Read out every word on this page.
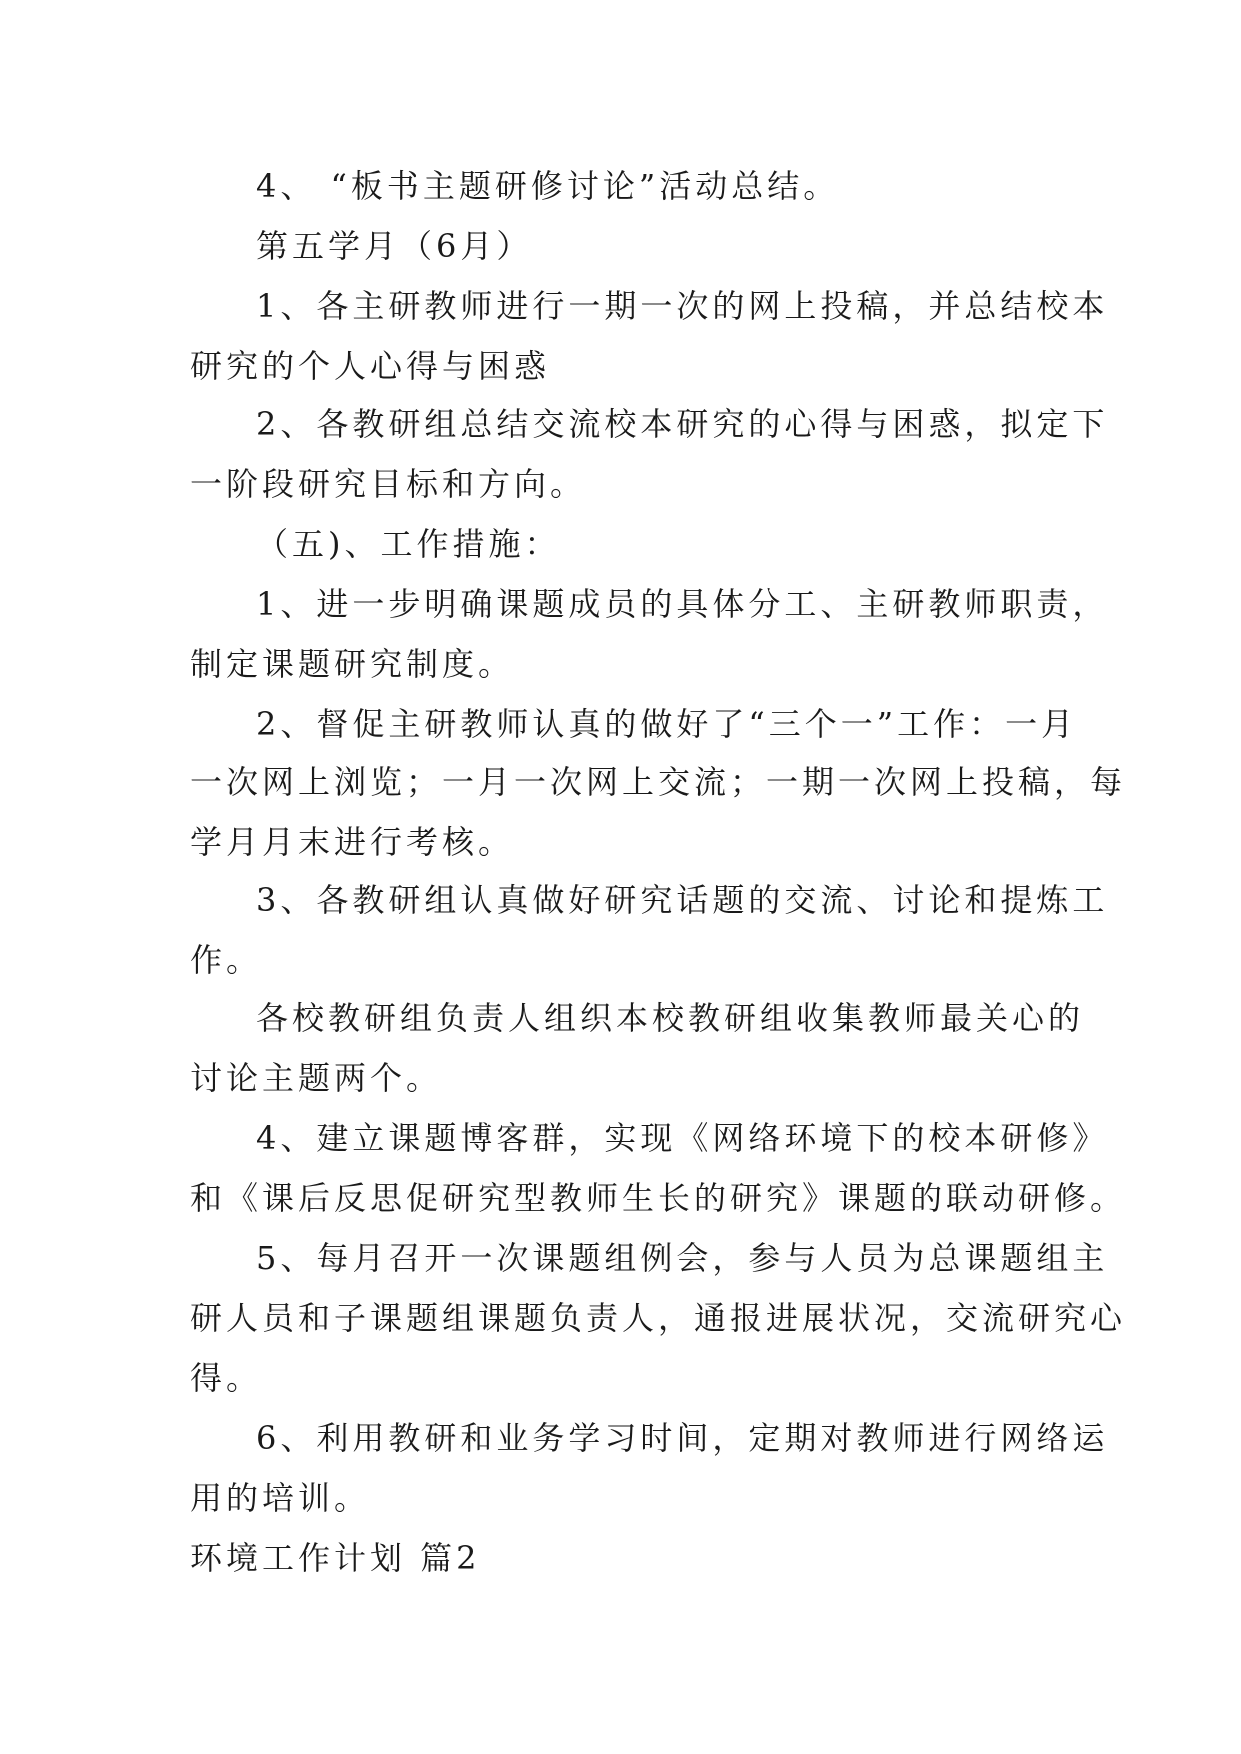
4、 “板书主题研修讨论”活动总结。
第五学月（6月）
1、各主研教师进行一期一次的网上投稿，并总结校本
研究的个人心得与困惑
2、各教研组总结交流校本研究的心得与困惑，拟定下
一阶段研究目标和方向。
（五)、工作措施：
1、进一步明确课题成员的具体分工、主研教师职责，
制定课题研究制度。
2、督促主研教师认真的做好了“三个一”工作：一月
一次网上浏览；一月一次网上交流；一期一次网上投稿，每
学月月末进行考核。
3、各教研组认真做好研究话题的交流、讨论和提炼工
作。
各校教研组负责人组织本校教研组收集教师最关心的
讨论主题两个。
4、建立课题博客群，实现《网络环境下的校本研修》
和《课后反思促研究型教师生长的研究》课题的联动研修。
5、每月召开一次课题组例会，参与人员为总课题组主
研人员和子课题组课题负责人，通报进展状况，交流研究心
得。
6、利用教研和业务学习时间，定期对教师进行网络运
用的培训。
环境工作计划 篇2
